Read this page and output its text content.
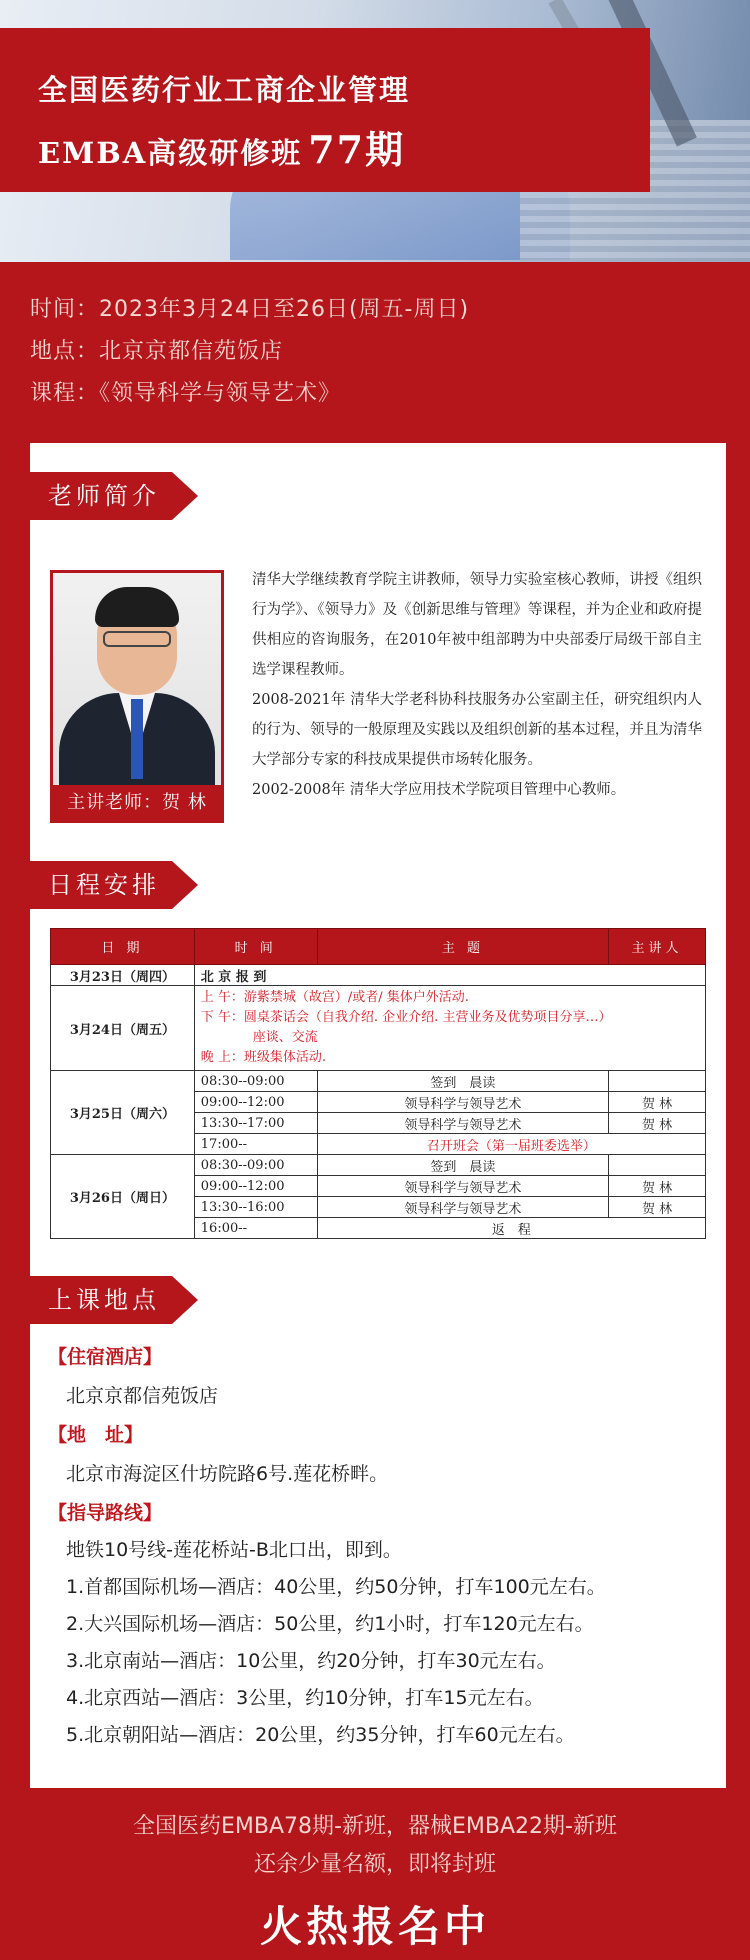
全国医药行业工商企业管理
EMBA高级研修班 77期
时间：2023年3月24日至26日(周五-周日)
地点：北京京都信苑饭店
课程：《领导科学与领导艺术》
老师简介
主讲老师：贺 林

清华大学继续教育学院主讲教师，领导力实验室核心教师，讲授《组织行为学》、《领导力》及《创新思维与管理》等课程，并为企业和政府提供相应的咨询服务，在2010年被中组部聘为中央部委厅局级干部自主选学课程教师。

2008-2021年 清华大学老科协科技服务办公室副主任，研究组织内人的行为、领导的一般原理及实践以及组织创新的基本过程，并且为清华大学部分专家的科技成果提供市场转化服务。

2002-2008年 清华大学应用技术学院项目管理中心教师。

日程安排
日 期	时 间	主 题	主讲人
3月23日（周四）	北 京 报 到		
3月24日（周五）	上 午：游紫禁城（故宫）/或者/ 集体户外活动.
下 午：圆桌茶话会（自我介绍. 企业介绍. 主营业务及优势项目分享…）
座谈、交流
晚 上：班级集体活动.		

3月25日（周六）	08:30--09:00	签到　晨读	
	09:00--12:00	领导科学与领导艺术	贺 林
	13:30--17:00	领导科学与领导艺术	贺 林
	17:00--	召开班会（第一届班委选举）	
3月26日（周日）	08:30--09:00	签到　晨读	
	09:00--12:00	领导科学与领导艺术	贺 林
	13:30--16:00	领导科学与领导艺术	贺 林
	16:00--	返　程	
上课地点
【住宿酒店】
北京京都信苑饭店
【地　址】
北京市海淀区什坊院路6号.莲花桥畔。
【指导路线】
地铁10号线-莲花桥站-B北口出，即到。
1.首都国际机场—酒店：40公里，约50分钟，打车100元左右。
2.大兴国际机场—酒店：50公里，约1小时，打车120元左右。
3.北京南站—酒店：10公里，约20分钟，打车30元左右。
4.北京西站—酒店：3公里，约10分钟，打车15元左右。
5.北京朝阳站—酒店：20公里，约35分钟，打车60元左右。
全国医药EMBA78期-新班，器械EMBA22期-新班
还余少量名额，即将封班
火热报名中
